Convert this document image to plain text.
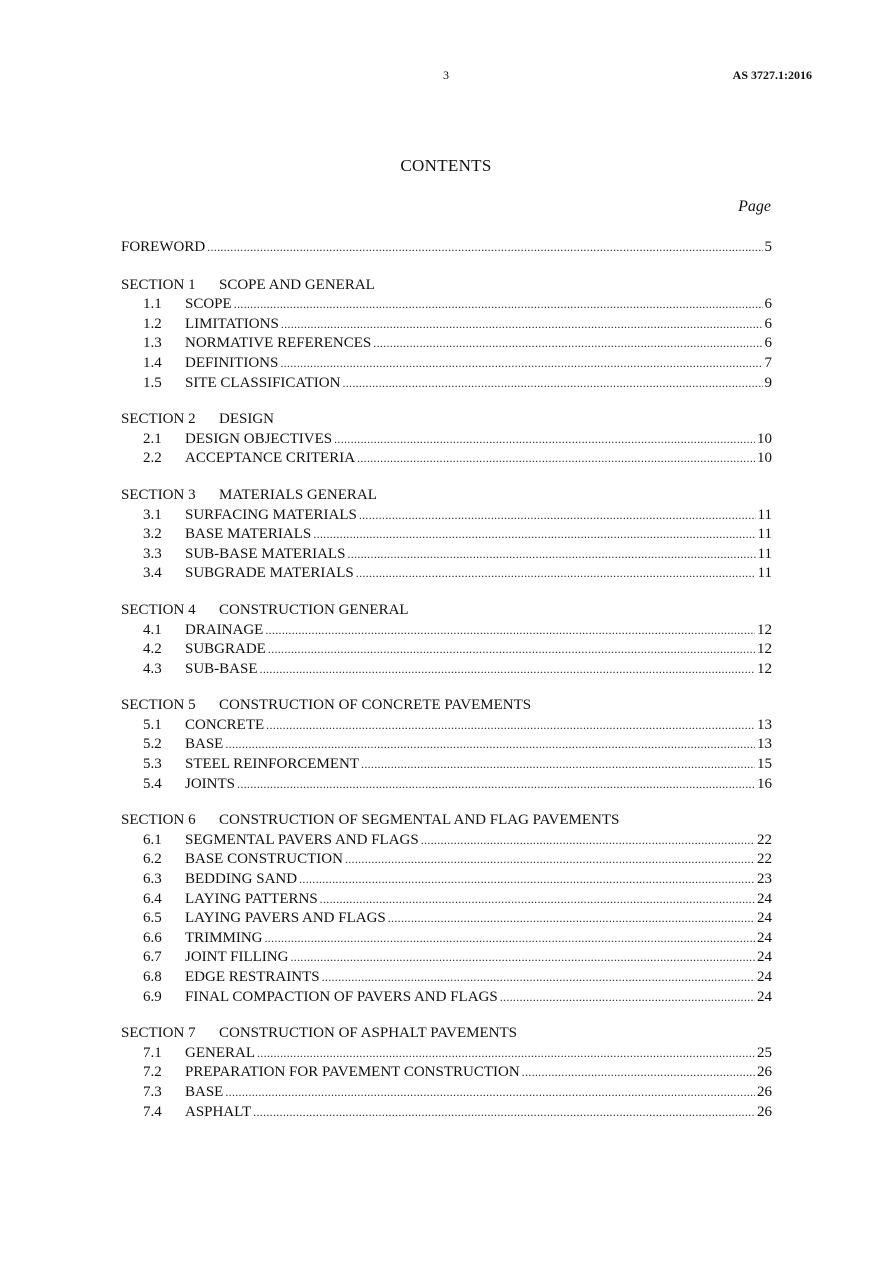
3	AS 3727.1:2016
CONTENTS
Page
FOREWORD .....	5
SECTION 1 SCOPE AND GENERAL
1.1	SCOPE .....	6
1.2	LIMITATIONS .....	6
1.3	NORMATIVE REFERENCES .....	6
1.4	DEFINITIONS .....	7
1.5	SITE CLASSIFICATION .....	9
SECTION 2 DESIGN
2.1	DESIGN OBJECTIVES .....	10
2.2	ACCEPTANCE CRITERIA .....	10
SECTION 3 MATERIALS GENERAL
3.1	SURFACING MATERIALS .....	11
3.2	BASE MATERIALS .....	11
3.3	SUB-BASE MATERIALS .....	11
3.4	SUBGRADE MATERIALS .....	11
SECTION 4 CONSTRUCTION GENERAL
4.1	DRAINAGE .....	12
4.2	SUBGRADE .....	12
4.3	SUB-BASE .....	12
SECTION 5 CONSTRUCTION OF CONCRETE PAVEMENTS
5.1	CONCRETE .....	13
5.2	BASE .....	13
5.3	STEEL REINFORCEMENT .....	15
5.4	JOINTS .....	16
SECTION 6 CONSTRUCTION OF SEGMENTAL AND FLAG PAVEMENTS
6.1	SEGMENTAL PAVERS AND FLAGS .....	22
6.2	BASE CONSTRUCTION .....	22
6.3	BEDDING SAND .....	23
6.4	LAYING PATTERNS .....	24
6.5	LAYING PAVERS AND FLAGS .....	24
6.6	TRIMMING .....	24
6.7	JOINT FILLING .....	24
6.8	EDGE RESTRAINTS .....	24
6.9	FINAL COMPACTION OF PAVERS AND FLAGS .....	24
SECTION 7 CONSTRUCTION OF ASPHALT PAVEMENTS
7.1	GENERAL .....	25
7.2	PREPARATION FOR PAVEMENT CONSTRUCTION .....	26
7.3	BASE .....	26
7.4	ASPHALT .....	26
